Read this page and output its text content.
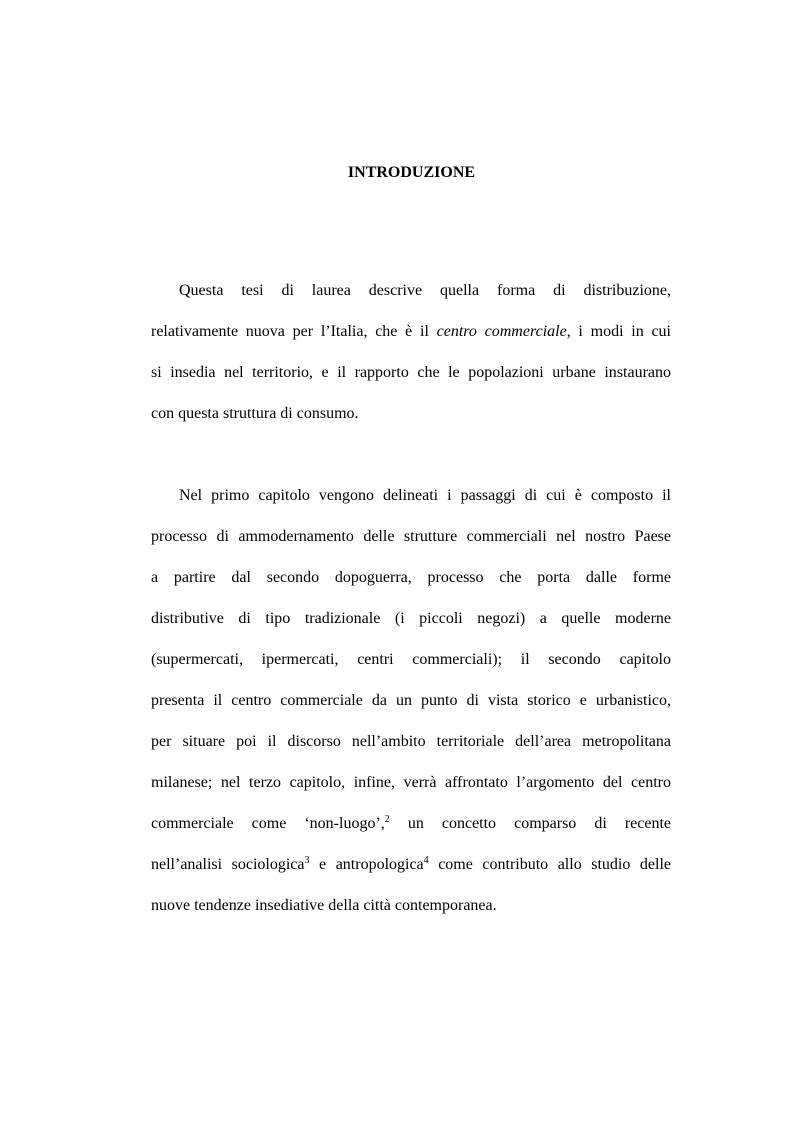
INTRODUZIONE
Questa tesi di laurea descrive quella forma di distribuzione,
relativamente nuova per l’Italia, che è il centro commerciale, i modi in cui
si insedia nel territorio, e il rapporto che le popolazioni urbane instaurano
con questa struttura di consumo.
Nel primo capitolo vengono delineati i passaggi di cui è composto il
processo di ammodernamento delle strutture commerciali nel nostro Paese
a partire dal secondo dopoguerra, processo che porta dalle forme
distributive di tipo tradizionale (i piccoli negozi) a quelle moderne
(supermercati, ipermercati, centri commerciali); il secondo capitolo
presenta il centro commerciale da un punto di vista storico e urbanistico,
per situare poi il discorso nell’ambito territoriale dell’area metropolitana
milanese; nel terzo capitolo, infine, verrà affrontato l’argomento del centro
commerciale come ‘non-luogo’,$^2$ un concetto comparso di recente
nell’analisi sociologica$^3$ e antropologica$^4$ come contributo allo studio delle
nuove tendenze insediative della città contemporanea.
